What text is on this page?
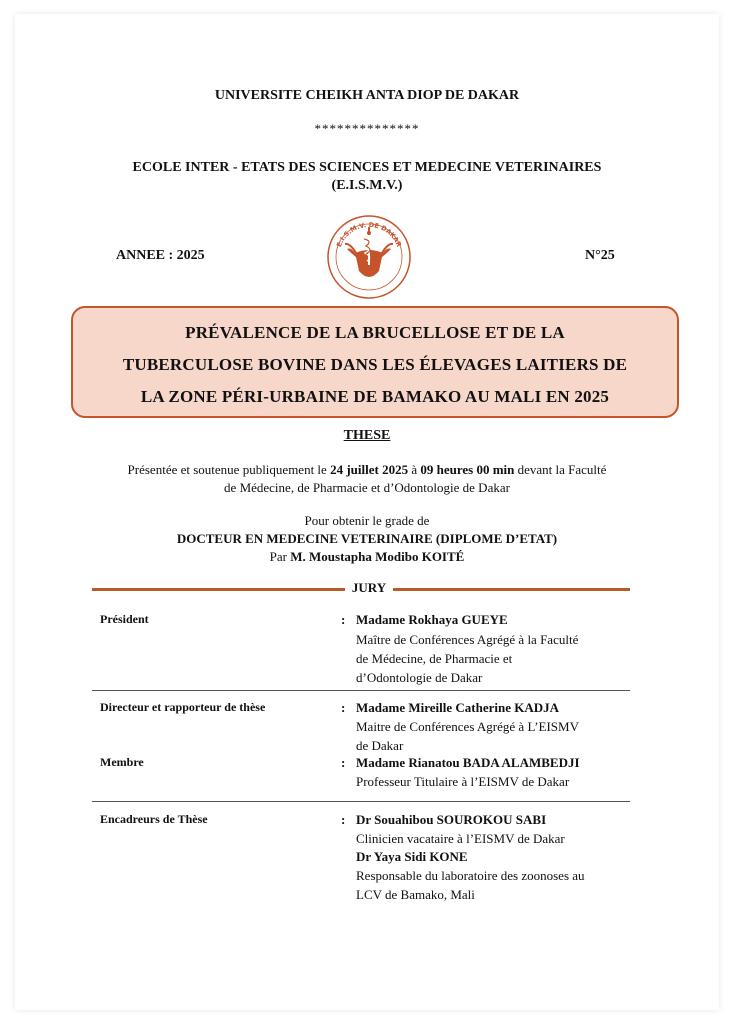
UNIVERSITE CHEIKH ANTA DIOP DE DAKAR
**************
ECOLE INTER - ETATS DES SCIENCES ET MEDECINE VETERINAIRES
(E.I.S.M.V.)
ANNEE : 2025	N°25
E.I.S.M.V. DE DAKAR
PRÉVALENCE DE LA BRUCELLOSE ET DE LA
TUBERCULOSE BOVINE DANS LES ÉLEVAGES LAITIERS DE
LA ZONE PÉRI-URBAINE DE BAMAKO AU MALI EN 2025
THESE
Présentée et soutenue publiquement le 24 juillet 2025 à 09 heures 00 min devant la Faculté
de Médecine, de Pharmacie et d’Odontologie de Dakar
Pour obtenir le grade de
DOCTEUR EN MEDECINE VETERINAIRE (DIPLOME D’ETAT)
Par M. Moustapha Modibo KOITÉ
JURY
Président	: Madame Rokhaya GUEYE
Maître de Conférences Agrégé à la Faculté
de Médecine, de Pharmacie et
d’Odontologie de Dakar
Directeur et rapporteur de thèse	: Madame Mireille Catherine KADJA
Maitre de Conférences Agrégé à L’EISMV
de Dakar
Membre	: Madame Rianatou BADA ALAMBEDJI
Professeur Titulaire à l’EISMV de Dakar
Encadreurs de Thèse	: Dr Souahibou SOUROKOU SABI
Clinicien vacataire à l’EISMV de Dakar
Dr Yaya Sidi KONE
Responsable du laboratoire des zoonoses au
LCV de Bamako, Mali
